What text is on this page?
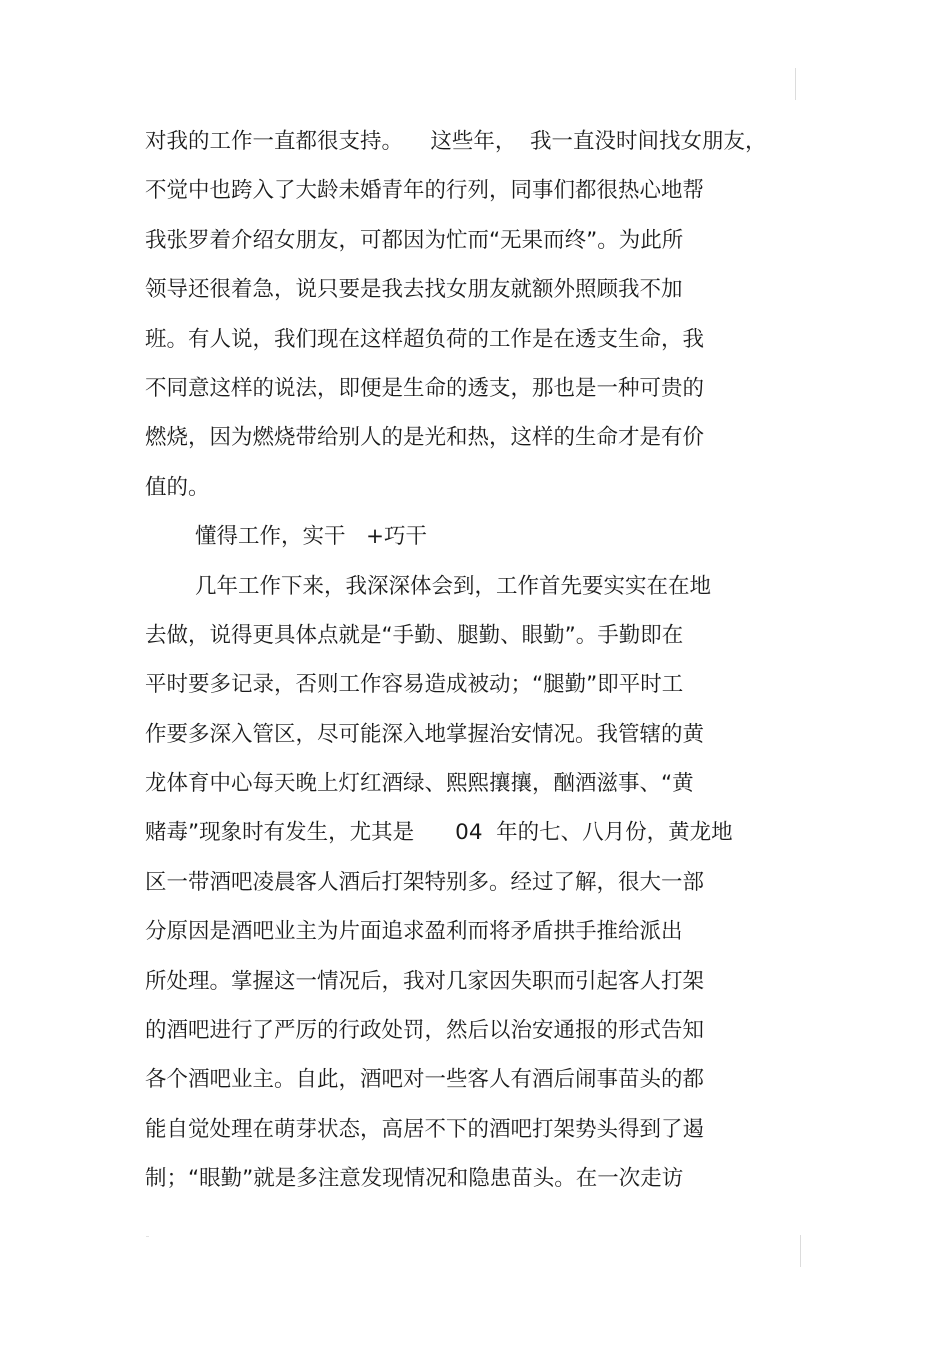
对我的工作一直都很支持。    这些年，  我一直没时间找女朋友，
不觉中也跨入了大龄未婚青年的行列，同事们都很热心地帮
我张罗着介绍女朋友，可都因为忙而“无果而终”。为此所
领导还很着急，说只要是我去找女朋友就额外照顾我不加
班。有人说，我们现在这样超负荷的工作是在透支生命，我
不同意这样的说法，即便是生命的透支，那也是一种可贵的
燃烧，因为燃烧带给别人的是光和热，这样的生命才是有价
值的。
懂得工作，实干   +巧干
几年工作下来，我深深体会到，工作首先要实实在在地
去做，说得更具体点就是“手勤、腿勤、眼勤”。手勤即在
平时要多记录，否则工作容易造成被动；“腿勤”即平时工
作要多深入管区，尽可能深入地掌握治安情况。我管辖的黄
龙体育中心每天晚上灯红酒绿、熙熙攘攘，酗酒滋事、“黄
赌毒”现象时有发生，尤其是      04  年的七、八月份，黄龙地
区一带酒吧凌晨客人酒后打架特别多。经过了解，很大一部
分原因是酒吧业主为片面追求盈利而将矛盾拱手推给派出
所处理。掌握这一情况后，我对几家因失职而引起客人打架
的酒吧进行了严厉的行政处罚，然后以治安通报的形式告知
各个酒吧业主。自此，酒吧对一些客人有酒后闹事苗头的都
能自觉处理在萌芽状态，高居不下的酒吧打架势头得到了遏
制；“眼勤”就是多注意发现情况和隐患苗头。在一次走访
